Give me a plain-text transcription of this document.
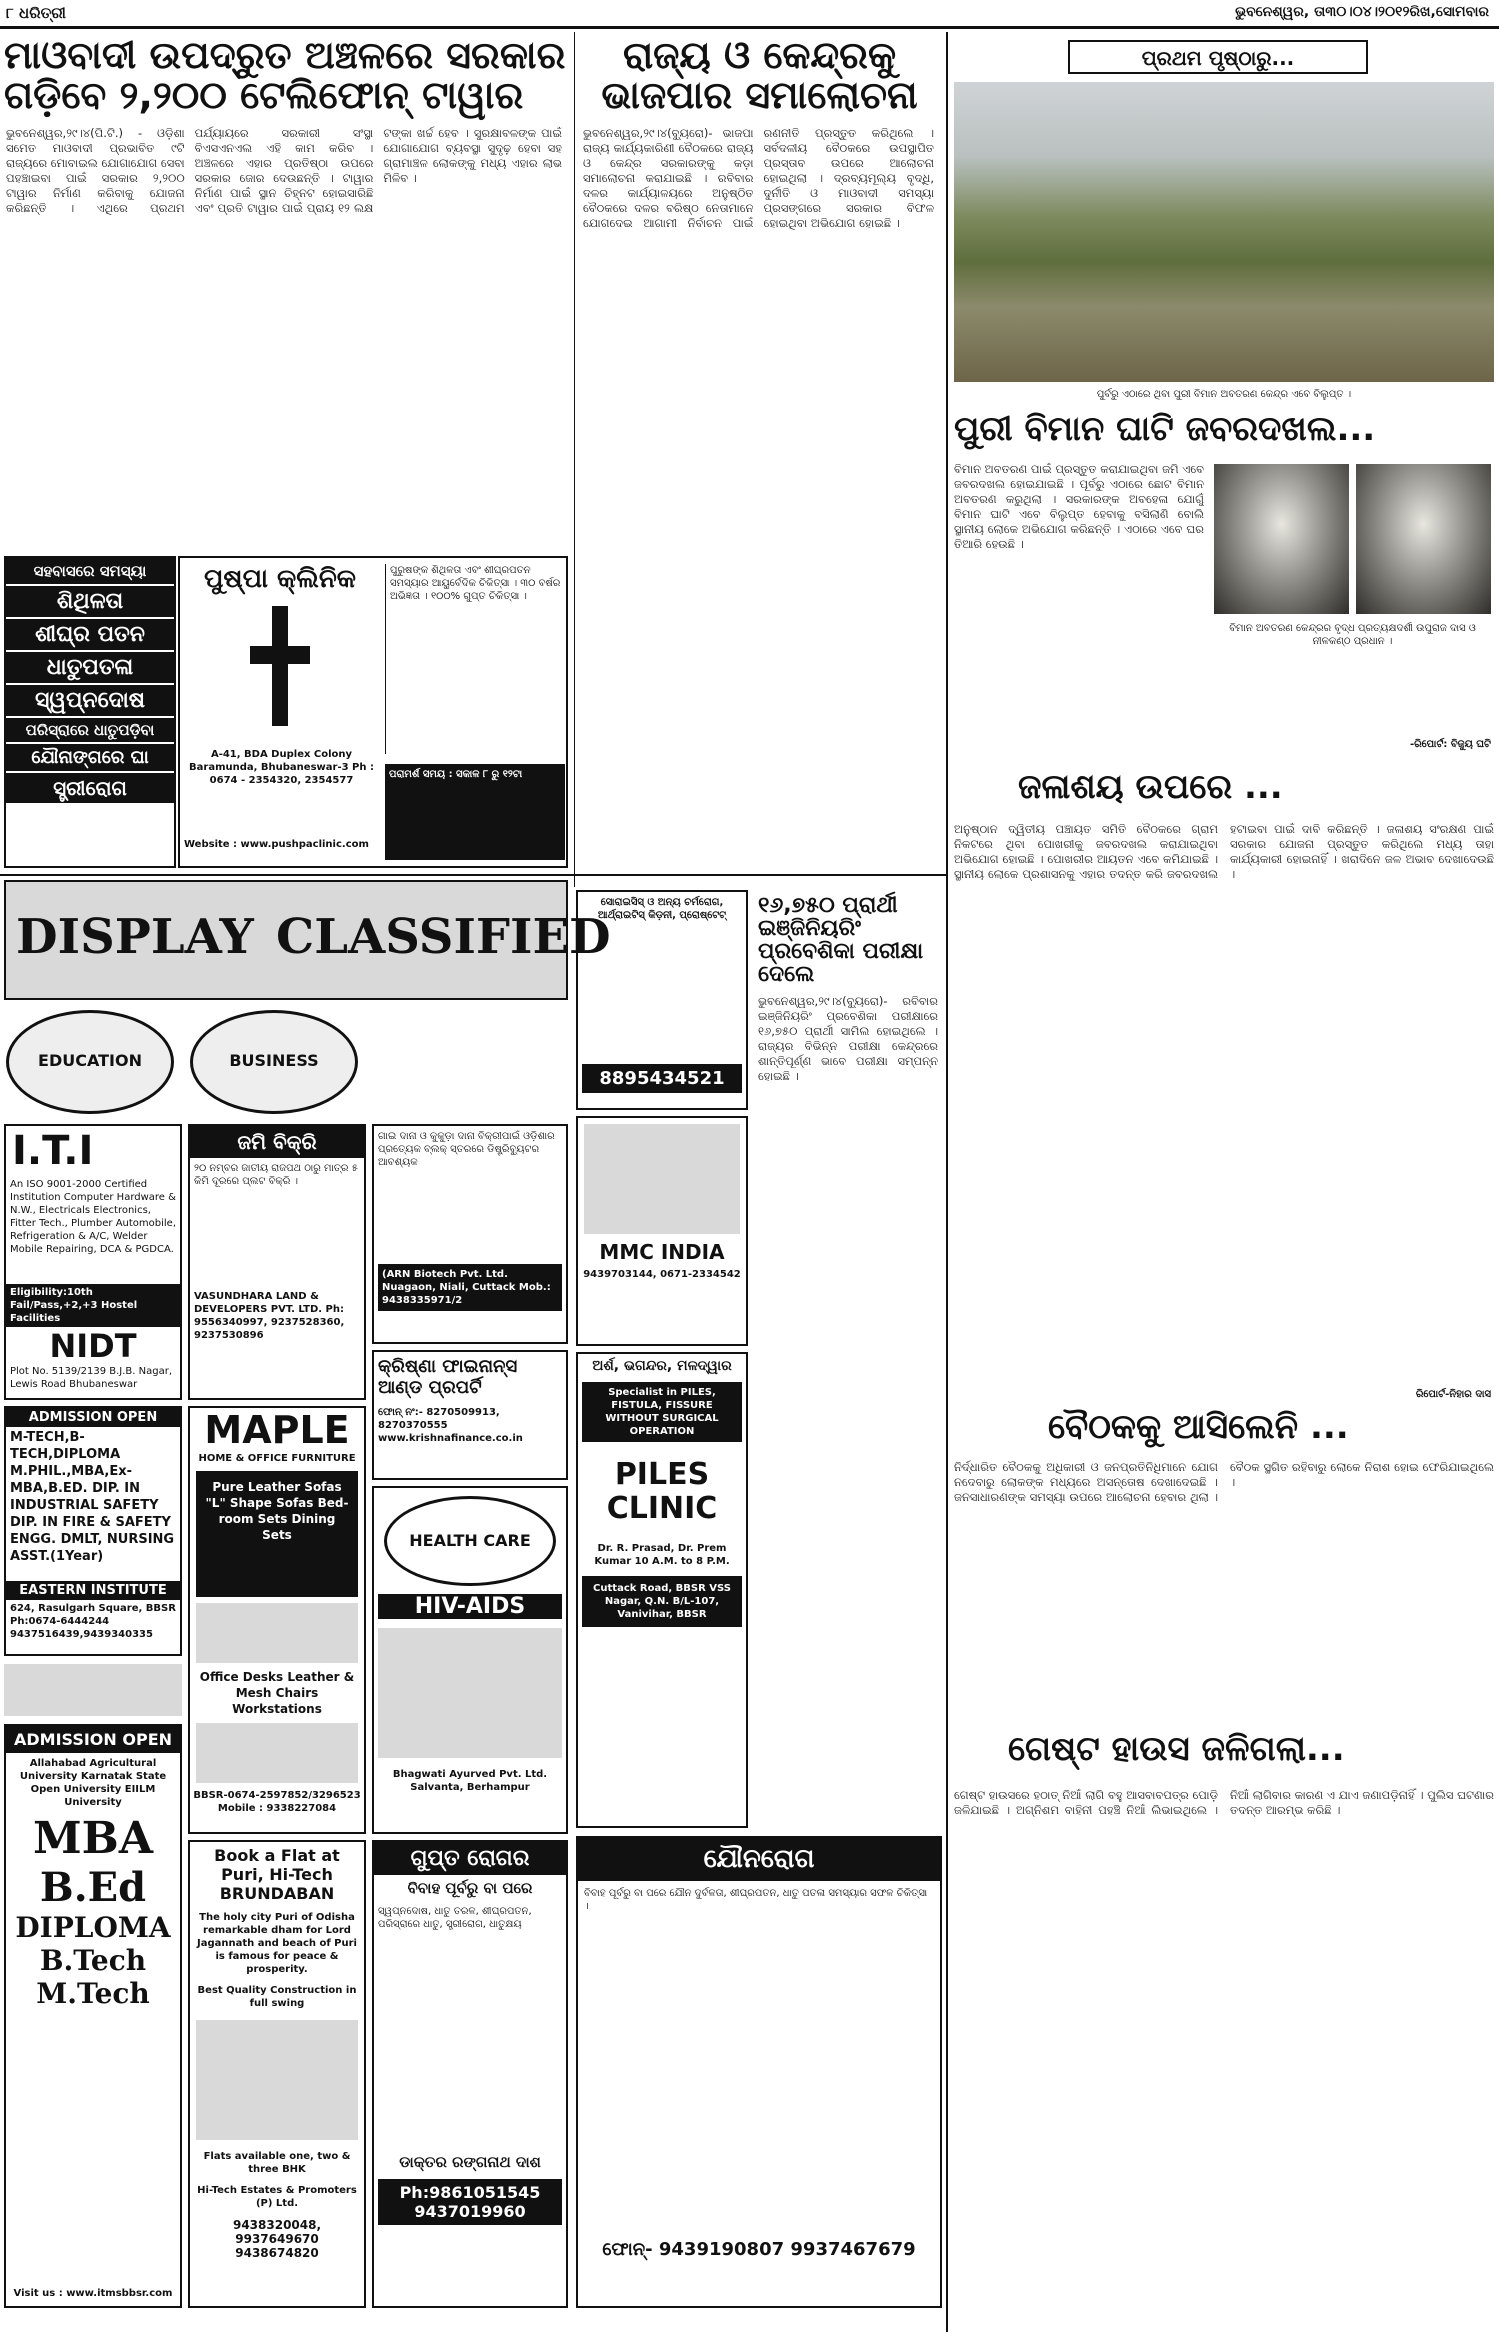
୮ ଧରିତ୍ରୀ	ଭୁବନେଶ୍ୱର, ତା୩୦।୦୪।୨୦୧୨ରିଖ,ସୋମବାର
ମାଓବାଦୀ ଉପଦ୍ରୁତ ଅଞ୍ଚଳରେ ସରକାର ଗଡ଼ିବେ ୨,୨୦୦ ଟେଲିଫୋନ୍ ଟାୱାର
ଭୁବନେଶ୍ୱର,୨୯।୪(ପି.ଟି.) - ଓଡ଼ିଶା ସମେତ ମାଓବାଦୀ ପ୍ରଭାବିତ ୯ଟି ରାଜ୍ୟରେ ମୋବାଇଲ ଯୋଗାଯୋଗ ସେବା ପହଞ୍ଚାଇବା ପାଇଁ ସରକାର ୨,୨୦୦ ଟାୱାର ନିର୍ମାଣ କରିବାକୁ ଯୋଜନା କରିଛନ୍ତି । ଏଥିରେ ପ୍ରଥମ ପର୍ଯ୍ୟାୟରେ ସରକାରୀ ସଂସ୍ଥା ବିଏସଏନଏଲ ଏହି କାମ କରିବ । ଅଞ୍ଚଳରେ ଏହାର ପ୍ରତିଷ୍ଠା ଉପରେ ସରକାର ଜୋର ଦେଉଛନ୍ତି । ଟାୱାର ନିର୍ମାଣ ପାଇଁ ସ୍ଥାନ ଚିହ୍ନଟ ହୋଇସାରିଛି ଏବଂ ପ୍ରତି ଟାୱାର ପାଇଁ ପ୍ରାୟ ୧୨ ଲକ୍ଷ ଟଙ୍କା ଖର୍ଚ୍ଚ ହେବ । ସୁରକ୍ଷାବଳଙ୍କ ପାଇଁ ଯୋଗାଯୋଗ ବ୍ୟବସ୍ଥା ସୁଦୃଢ଼ ହେବା ସହ ଗ୍ରାମାଞ୍ଚଳ ଲୋକଙ୍କୁ ମଧ୍ୟ ଏହାର ଲାଭ ମିଳିବ ।
ରାଜ୍ୟ ଓ କେନ୍ଦ୍ରକୁ ଭାଜପାର ସମାଲୋଚନା
ଭୁବନେଶ୍ୱର,୨୯।୪(ବ୍ୟୁରୋ)- ଭାଜପା ରାଜ୍ୟ କାର୍ଯ୍ୟକାରିଣୀ ବୈଠକରେ ରାଜ୍ୟ ଓ କେନ୍ଦ୍ର ସରକାରଙ୍କୁ କଡ଼ା ସମାଲୋଚନା କରାଯାଇଛି । ରବିବାର ଦଳର କାର୍ଯ୍ୟାଳୟରେ ଅନୁଷ୍ଠିତ ବୈଠକରେ ଦଳର ବରିଷ୍ଠ ନେତାମାନେ ଯୋଗଦେଇ ଆଗାମୀ ନିର୍ବାଚନ ପାଇଁ ରଣନୀତି ପ୍ରସ୍ତୁତ କରିଥିଲେ । ସର୍ବଦଳୀୟ ବୈଠକରେ ଉପସ୍ଥାପିତ ପ୍ରସ୍ତାବ ଉପରେ ଆଲୋଚନା ହୋଇଥିଲା । ଦ୍ରବ୍ୟମୂଲ୍ୟ ବୃଦ୍ଧି, ଦୁର୍ନୀତି ଓ ମାଓବାଦୀ ସମସ୍ୟା ପ୍ରସଙ୍ଗରେ ସରକାର ବିଫଳ ହୋଇଥିବା ଅଭିଯୋଗ ହୋଇଛି ।
ପ୍ରଥମ ପୃଷ୍ଠାରୁ...
ପୁର୍ବରୁ ଏଠାରେ ଥିବା ପୁରୀ ବିମାନ ଅବତରଣ କେନ୍ଦ୍ର ଏବେ ବିଲୁପ୍ତ ।
ପୁରୀ ବିମାନ ଘାଟି ଜବରଦଖଲ...
ବିମାନ ଅବତରଣ ପାଇଁ ପ୍ରସ୍ତୁତ କରାଯାଇଥିବା ଜମି ଏବେ ଜବରଦଖଲ ହୋଇଯାଇଛି । ପୂର୍ବରୁ ଏଠାରେ ଛୋଟ ବିମାନ ଅବତରଣ କରୁଥିଲା । ସରକାରଙ୍କ ଅବହେଳା ଯୋଗୁଁ ବିମାନ ଘାଟି ଏବେ ବିଲୁପ୍ତ ହେବାକୁ ବସିଲାଣି ବୋଲି ସ୍ଥାନୀୟ ଲୋକେ ଅଭିଯୋଗ କରିଛନ୍ତି । ଏଠାରେ ଏବେ ଘର ତିଆରି ହେଉଛି ।
ବିମାନ ଅବତରଣ କେନ୍ଦ୍ରର ବୃଦ୍ଧ ପ୍ରତ୍ୟକ୍ଷଦର୍ଶୀ ଉପୁରାଜ ଦାସ ଓ ନୀଳକଣ୍ଠ ପ୍ରଧାନ ।
-ରିପୋର୍ଟ: ବିଜୁୟ ଘଟି
ଜଳାଶୟ ଉପରେ ...
ଅନୁଷ୍ଠାନ ଦ୍ୱିତୀୟ ପଞ୍ଚାୟତ ସମିତି ବୈଠକରେ ଗ୍ରାମ ନିକଟରେ ଥିବା ପୋଖରୀକୁ ଜବରଦଖଲ କରାଯାଇଥିବା ଅଭିଯୋଗ ହୋଇଛି । ପୋଖରୀର ଆୟତନ ଏବେ କମିଯାଇଛି । ସ୍ଥାନୀୟ ଲୋକେ ପ୍ରଶାସନକୁ ଏହାର ତଦନ୍ତ କରି ଜବରଦଖଲ ହଟାଇବା ପାଇଁ ଦାବି କରିଛନ୍ତି । ଜଳାଶୟ ସଂରକ୍ଷଣ ପାଇଁ ସରକାର ଯୋଜନା ପ୍ରସ୍ତୁତ କରିଥିଲେ ମଧ୍ୟ ତାହା କାର୍ଯ୍ୟକାରୀ ହୋଇନାହିଁ । ଖରାଦିନେ ଜଳ ଅଭାବ ଦେଖାଦେଉଛି ।
ରିପୋର୍ଟ-ନିହାର ଦାସ
ବୈଠକକୁ ଆସିଲେନି ...
ନିର୍ଦ୍ଧାରିତ ବୈଠକକୁ ଅଧିକାରୀ ଓ ଜନପ୍ରତିନିଧିମାନେ ଯୋଗ ନଦେବାରୁ ଲୋକଙ୍କ ମଧ୍ୟରେ ଅସନ୍ତୋଷ ଦେଖାଦେଇଛି । ଜନସାଧାରଣଙ୍କ ସମସ୍ୟା ଉପରେ ଆଲୋଚନା ହେବାର ଥିଲା । ବୈଠକ ସ୍ଥଗିତ ରହିବାରୁ ଲୋକେ ନିରାଶ ହୋଇ ଫେରିଯାଇଥିଲେ ।
ଗେଷ୍ଟ ହାଉସ ଜଳିଗଲା...
ଗେଷ୍ଟ ହାଉସରେ ହଠାତ୍ ନିଆଁ ଲାଗି ବହୁ ଆସବାବପତ୍ର ପୋଡ଼ି ଜଳିଯାଇଛି । ଅଗ୍ନିଶମ ବାହିନୀ ପହଞ୍ଚି ନିଆଁ ଲିଭାଇଥିଲେ । ନିଆଁ ଲାଗିବାର କାରଣ ଏ ଯାଏ ଜଣାପଡ଼ିନାହିଁ । ପୁଲିସ ଘଟଣାର ତଦନ୍ତ ଆରମ୍ଭ କରିଛି ।
ସହବାସରେ ସମସ୍ୟା
ଶିଥିଳତା
ଶୀଘ୍ର ପତନ
ଧାତୁପତଳା
ସ୍ୱପ୍ନଦୋଷ
ପରିସ୍ରାରେ ଧାତୁପଡ଼ିବା
ଯୌନାଙ୍ଗରେ ଘା
ସ୍ତ୍ରୀରୋଗ
ପୁଷ୍ପା କ୍ଲିନିକ
A-41, BDA Duplex Colony Baramunda, Bhubaneswar-3 Ph : 0674 - 2354320, 2354577
Website : www.pushpaclinic.com
ପୁରୁଷଙ୍କ ଶିଥିଳତା ଏବଂ ଶୀଘ୍ରପତନ ସମସ୍ୟାର ଆୟୁର୍ବେଦିକ ଚିକିତ୍ସା । ୩୦ ବର୍ଷର ଅଭିଜ୍ଞତା । ୧୦୦% ଗୁପ୍ତ ଚିକିତ୍ସା ।
ପରାମର୍ଶ ସମୟ : ସକାଳ ୮ ରୁ ୧୨ଟା
DISPLAY CLASSIFIED
EDUCATION	BUSINESS
I.T.I
An ISO 9001-2000 Certified Institution Computer Hardware & N.W., Electricals Electronics, Fitter Tech., Plumber Automobile, Refrigeration & A/C, Welder Mobile Repairing, DCA & PGDCA.
Eligibility:10th Fail/Pass,+2,+3 Hostel Facilities
NIDT
Plot No. 5139/2139 B.J.B. Nagar, Lewis Road Bhubaneswar
ADMISSION OPEN
M-TECH,B-TECH,DIPLOMA M.PHIL.,MBA,Ex-MBA,B.ED. DIP. IN INDUSTRIAL SAFETY DIP. IN FIRE & SAFETY ENGG. DMLT, NURSING ASST.(1Year)
EASTERN INSTITUTE
624, Rasulgarh Square, BBSR Ph:0674-6444244 9437516439,9439340335
ADMISSION OPEN
Allahabad Agricultural University Karnatak State Open University EIILM University
MBA
B.Ed
DIPLOMA
B.Tech
M.Tech
Visit us : www.itmsbbsr.com
ଜମି ବିକ୍ରି
୨୦ ନମ୍ବର ଜାତୀୟ ରାଜପଥ ଠାରୁ ମାତ୍ର ୫ କିମି ଦୂରରେ ପ୍ଲଟ ବିକ୍ରି ।
VASUNDHARA LAND & DEVELOPERS PVT. LTD. Ph: 9556340997, 9237528360, 9237530896
MAPLE
HOME & OFFICE FURNITURE
Pure Leather Sofas "L" Shape Sofas Bed-room Sets Dining Sets
Office Desks Leather & Mesh Chairs Workstations
BBSR-0674-2597852/3296523 Mobile : 9338227084
Book a Flat at Puri, Hi-Tech BRUNDABAN
The holy city Puri of Odisha remarkable dham for Lord Jagannath and beach of Puri is famous for peace & prosperity.
Best Quality Construction in full swing
Flats available one, two & three BHK
Hi-Tech Estates & Promoters (P) Ltd.
9438320048, 9937649670 9438674820
ଗାଇ ଦାନା ଓ କୁକୁଡ଼ା ଦାନା ବିକ୍ରୀପାଇଁ ଓଡ଼ିଶାର ପ୍ରତ୍ୟେକ ବ୍ଲକ୍ ସ୍ତରରେ ଡିଷ୍ଟ୍ରିବ୍ୟୁଟର ଆବଶ୍ୟକ
(ARN Biotech Pvt. Ltd. Nuagaon, Niali, Cuttack Mob.: 9438335971/2
କ୍ରିଷ୍ଣା ଫାଇନାନ୍ସ ଆଣ୍ଡ ପ୍ରପର୍ଟି
ଫୋନ୍ ନଂ:- 8270509913, 8270370555 www.krishnafinance.co.in
HEALTH CARE
HIV-AIDS
Bhagwati Ayurved Pvt. Ltd. Salvanta, Berhampur
ଗୁପ୍ତ ରୋଗର
ବିବାହ ପୂର୍ବରୁ ବା ପରେ
ସ୍ୱପ୍ନଦୋଷ, ଧାତୁ ତରଳ, ଶୀଘ୍ରପତନ, ପରିସ୍ରାରେ ଧାତୁ, ସ୍ତ୍ରୀରୋଗ, ଧାତୁକ୍ଷୟ
ଡାକ୍ତର ରଙ୍ଗନାଥ ଦାଶ
Ph:9861051545 9437019960
ସୋରାଇସିସ୍ ଓ ଅନ୍ୟ ଚର୍ମରୋଗ, ଆର୍ଥ୍ରାଇଟିସ୍ କିଡ଼ନୀ, ପ୍ରୋଷ୍ଟେଟ୍
8895434521
MMC INDIA
9439703144, 0671-2334542
ଅର୍ଶ, ଭଗନ୍ଦର, ମଳଦ୍ୱାର
Specialist in PILES, FISTULA, FISSURE WITHOUT SURGICAL OPERATION
PILES CLINIC
Dr. R. Prasad, Dr. Prem Kumar 10 A.M. to 8 P.M.
Cuttack Road, BBSR VSS Nagar, Q.N. B/L-107, Vanivihar, BBSR
୧୬,୭୫୦ ପ୍ରାର୍ଥୀ ଇଞ୍ଜିନିୟରିଂ ପ୍ରବେଶିକା ପରୀକ୍ଷା ଦେଲେ
ଭୁବନେଶ୍ୱର,୨୯।୪(ବ୍ୟୁରୋ)- ରବିବାର ଇଞ୍ଜିନିୟରିଂ ପ୍ରବେଶିକା ପରୀକ୍ଷାରେ ୧୬,୭୫୦ ପ୍ରାର୍ଥୀ ସାମିଲ ହୋଇଥିଲେ । ରାଜ୍ୟର ବିଭିନ୍ନ ପରୀକ୍ଷା କେନ୍ଦ୍ରରେ ଶାନ୍ତିପୂର୍ଣ୍ଣ ଭାବେ ପରୀକ୍ଷା ସମ୍ପନ୍ନ ହୋଇଛି ।
ଯୌନରୋଗ
ବିବାହ ପୂର୍ବରୁ ବା ପରେ ଯୌନ ଦୁର୍ବଳତା, ଶୀଘ୍ରପତନ, ଧାତୁ ପତଳା ସମସ୍ୟାର ସଫଳ ଚିକିତ୍ସା ।
ଫୋନ୍- 9439190807 9937467679
